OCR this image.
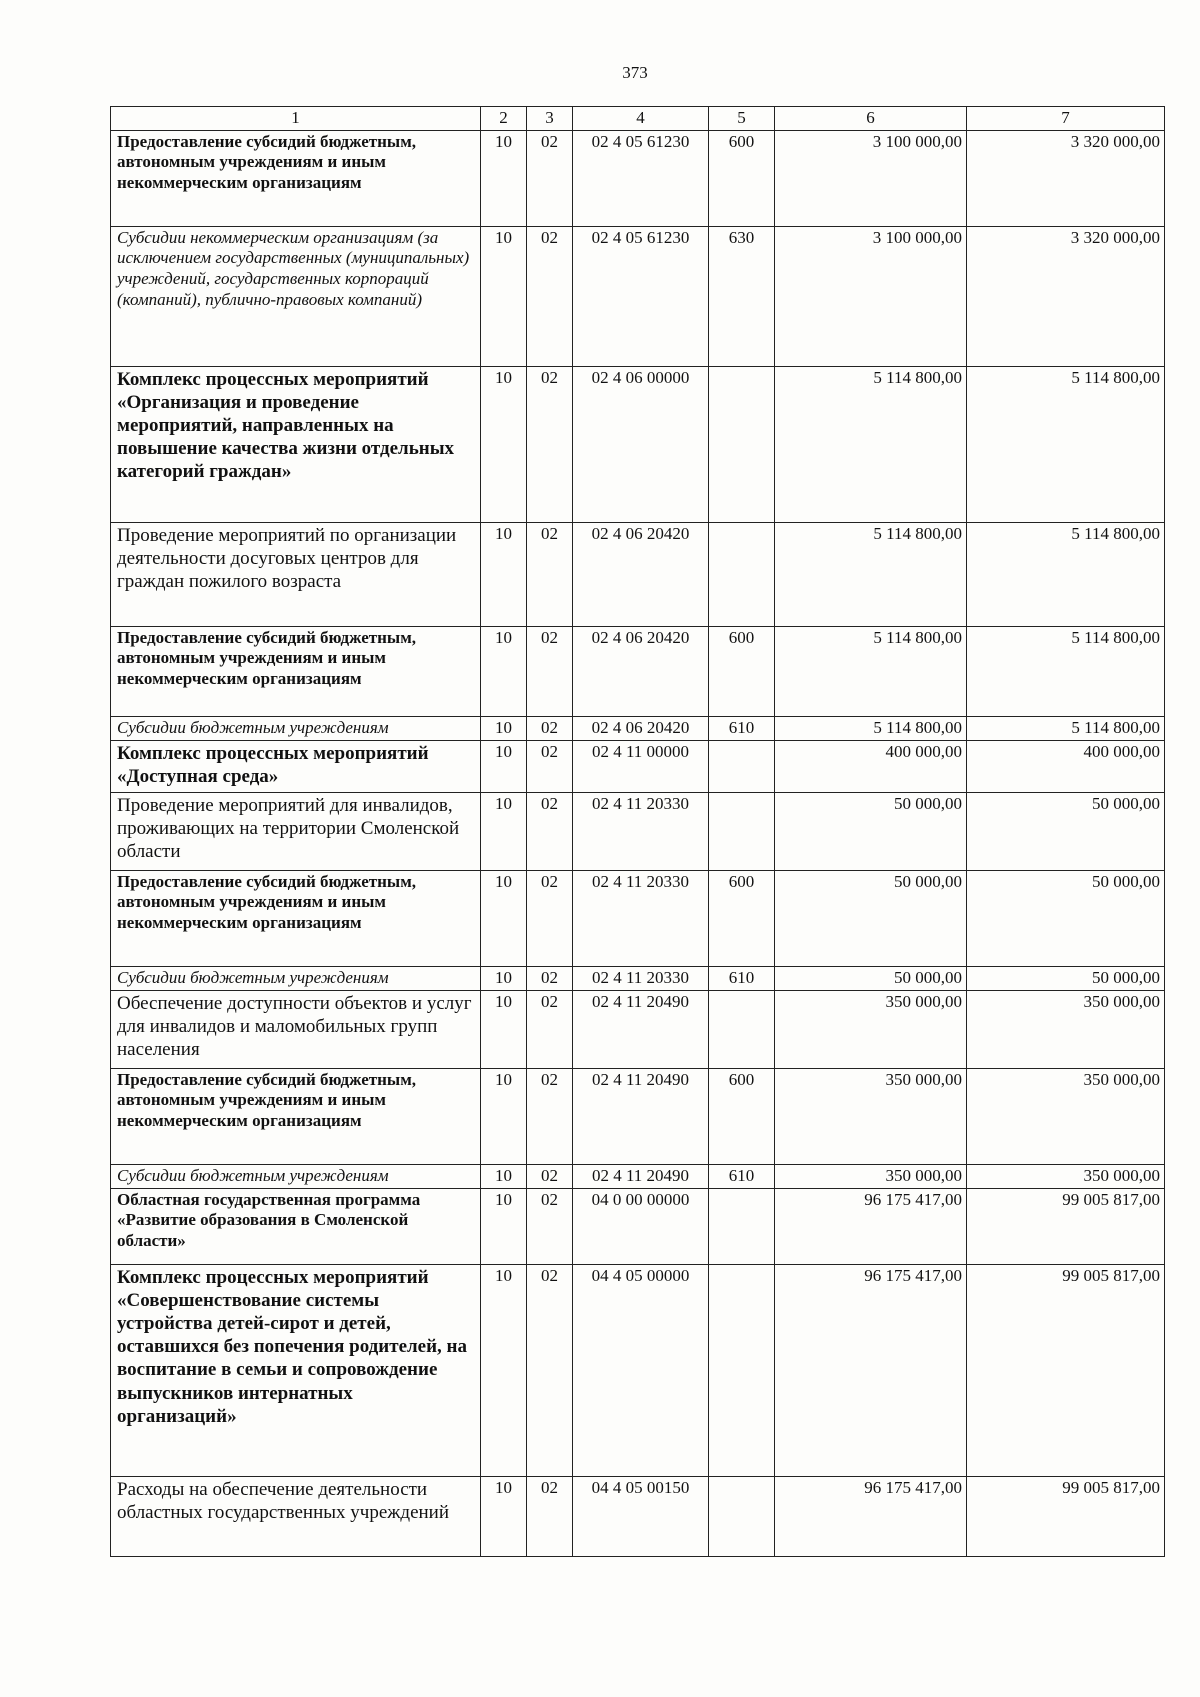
373
1	2	3	4	5	6	7
Предоставление субсидий бюджетным, автономным учреждениям и иным некоммерческим организациям	10	02	02 4 05 61230	600	3 100 000,00	3 320 000,00
Субсидии некоммерческим организациям (за исключением государственных (муниципальных) учреждений, государственных корпораций (компаний), публично-правовых компаний)	10	02	02 4 05 61230	630	3 100 000,00	3 320 000,00
Комплекс процессных мероприятий «Организация и проведение мероприятий, направленных на повышение качества жизни отдельных категорий граждан»	10	02	02 4 06 00000		5 114 800,00	5 114 800,00
Проведение мероприятий по организации деятельности досуговых центров для граждан пожилого возраста	10	02	02 4 06 20420		5 114 800,00	5 114 800,00
Предоставление субсидий бюджетным, автономным учреждениям и иным некоммерческим организациям	10	02	02 4 06 20420	600	5 114 800,00	5 114 800,00
Субсидии бюджетным учреждениям	10	02	02 4 06 20420	610	5 114 800,00	5 114 800,00
Комплекс процессных мероприятий «Доступная среда»	10	02	02 4 11 00000		400 000,00	400 000,00
Проведение мероприятий для инвалидов, проживающих на территории Смоленской области	10	02	02 4 11 20330		50 000,00	50 000,00
Предоставление субсидий бюджетным, автономным учреждениям и иным некоммерческим организациям	10	02	02 4 11 20330	600	50 000,00	50 000,00
Субсидии бюджетным учреждениям	10	02	02 4 11 20330	610	50 000,00	50 000,00
Обеспечение доступности объектов и услуг для инвалидов и маломобильных групп населения	10	02	02 4 11 20490		350 000,00	350 000,00
Предоставление субсидий бюджетным, автономным учреждениям и иным некоммерческим организациям	10	02	02 4 11 20490	600	350 000,00	350 000,00
Субсидии бюджетным учреждениям	10	02	02 4 11 20490	610	350 000,00	350 000,00
Областная государственная программа «Развитие образования в Смоленской области»	10	02	04 0 00 00000		96 175 417,00	99 005 817,00
Комплекс процессных мероприятий «Совершенствование системы устройства детей-сирот и детей, оставшихся без попечения родителей, на воспитание в семьи и сопровождение выпускников интернатных организаций»	10	02	04 4 05 00000		96 175 417,00	99 005 817,00
Расходы на обеспечение деятельности областных государственных учреждений	10	02	04 4 05 00150		96 175 417,00	99 005 817,00
